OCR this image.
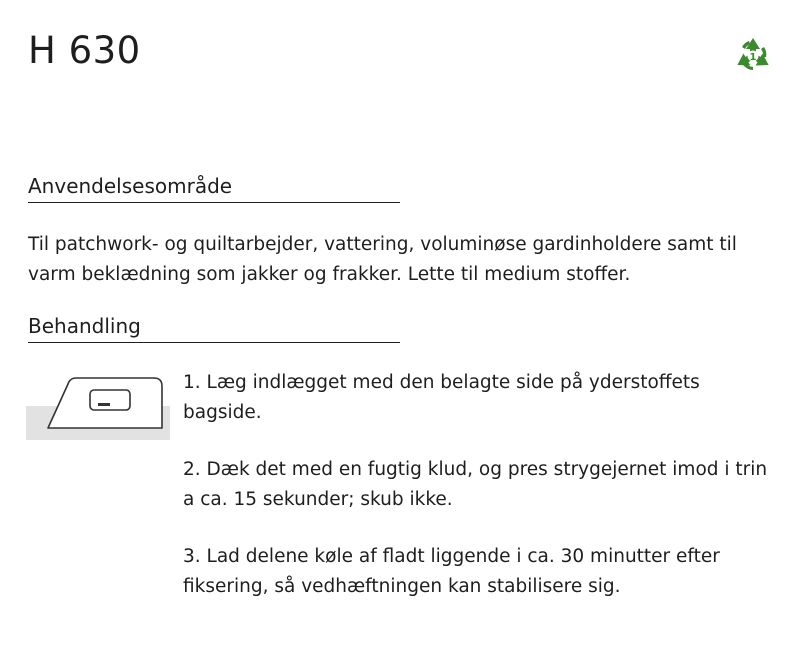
H 630	1
Anvendelsesområde

Til patchwork- og quiltarbejder, vattering, voluminøse gardinholdere samt til varm beklædning som jakker og frakker. Lette til medium stoffer.

Behandling

1. Læg indlægget med den belagte side på yderstoffets bagside.

2. Dæk det med en fugtig klud, og pres strygejernet imod i trin a ca. 15 sekunder; skub ikke.

3. Lad delene køle af fladt liggende i ca. 30 minutter efter fiksering, så vedhæftningen kan stabilisere sig.
